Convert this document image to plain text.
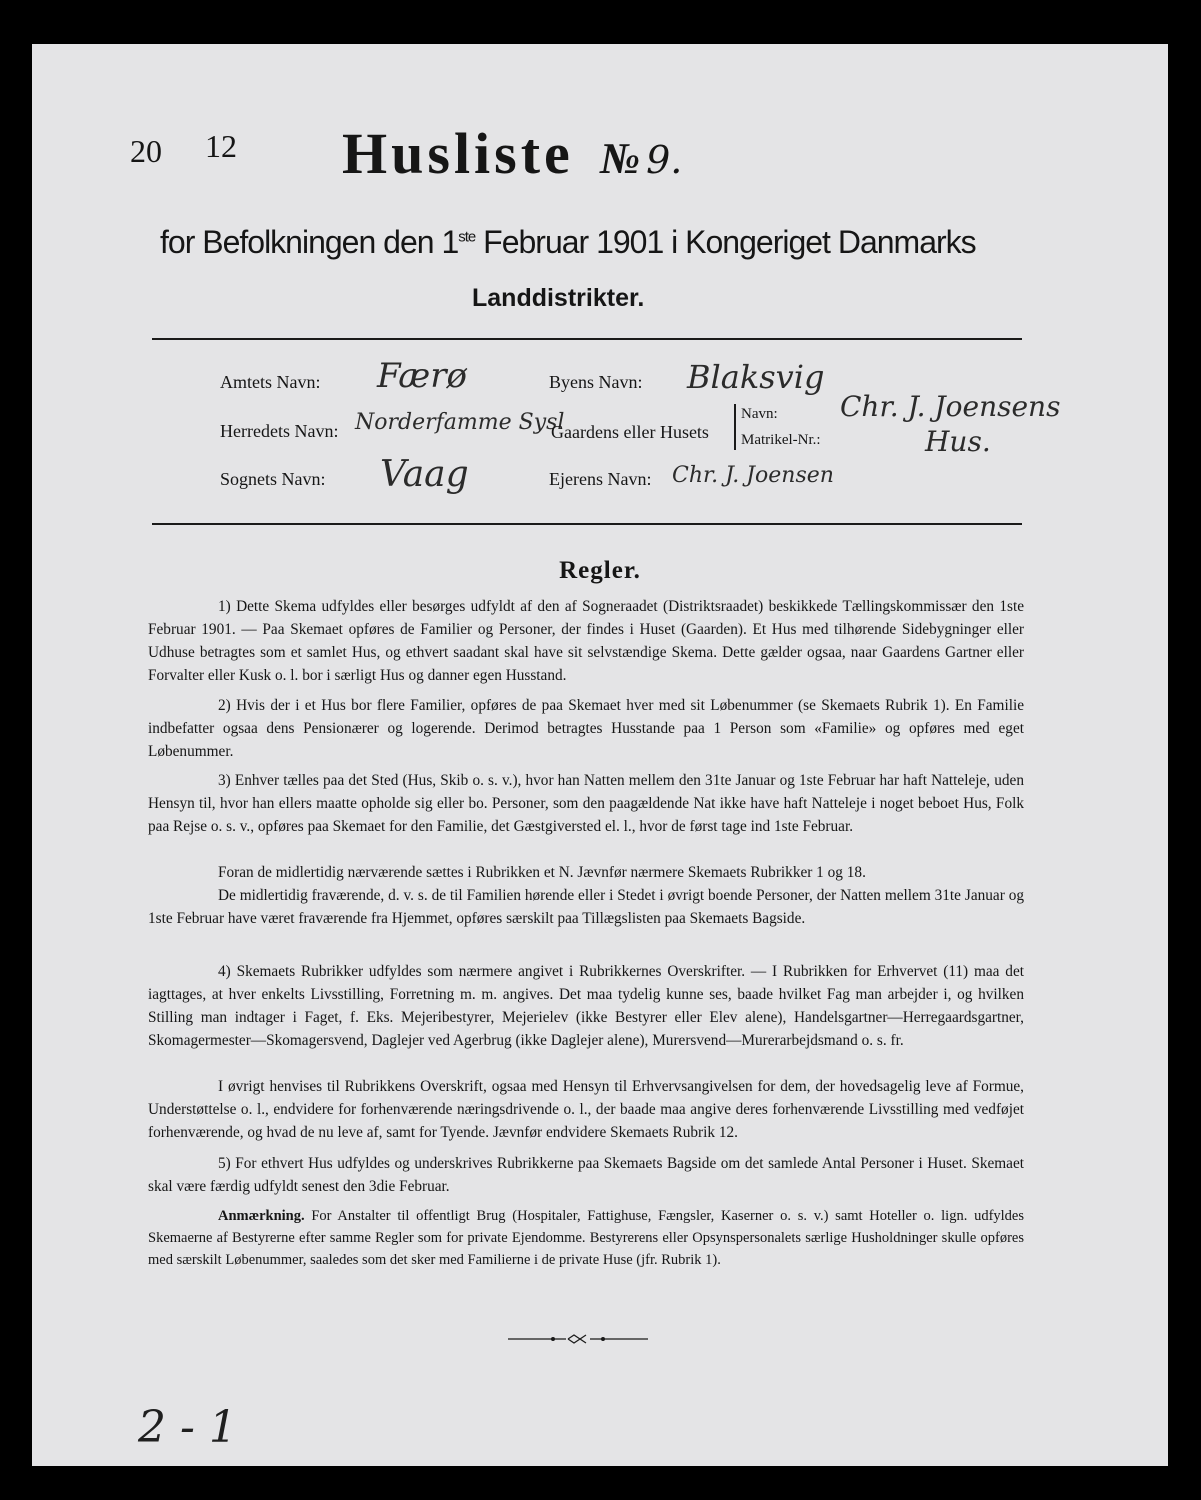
20 12 Husliste № 9.
for Befolkningen den 1ste Februar 1901 i Kongeriget Danmarks
Landdistrikter.
Amtets Navn: Færø	Byens Navn: Blaksvig
Herredets Navn: Norderfamme Sysl
Gaardens eller Husets
Navn:
Matrikel-Nr.:
Chr. J. Joensens
Hus.
Sognets Navn: Vaag	Ejerens Navn: Chr. J. Joensen
Regler.

1) Dette Skema udfyldes eller besørges udfyldt af den af Sogneraadet (Distriktsraadet) beskikkede Tællingskommissær den 1ste Februar 1901. — Paa Skemaet opføres de Familier og Personer, der findes i Huset (Gaarden). Et Hus med tilhørende Sidebygninger eller Udhuse betragtes som et samlet Hus, og ethvert saadant skal have sit selvstændige Skema. Dette gælder ogsaa, naar Gaardens Gartner eller Forvalter eller Kusk o. l. bor i særligt Hus og danner egen Husstand.

2) Hvis der i et Hus bor flere Familier, opføres de paa Skemaet hver med sit Løbenummer (se Skemaets Rubrik 1). En Familie indbefatter ogsaa dens Pensionærer og logerende. Derimod betragtes Husstande paa 1 Person som «Familie» og opføres med eget Løbenummer.

3) Enhver tælles paa det Sted (Hus, Skib o. s. v.), hvor han Natten mellem den 31te Januar og 1ste Februar har haft Natteleje, uden Hensyn til, hvor han ellers maatte opholde sig eller bo. Personer, som den paagældende Nat ikke have haft Natteleje i noget beboet Hus, Folk paa Rejse o. s. v., opføres paa Skemaet for den Familie, det Gæstgiversted el. l., hvor de først tage ind 1ste Februar.

Foran de midlertidig nærværende sættes i Rubrikken et N. Jævnfør nærmere Skemaets Rubrikker 1 og 18.

De midlertidig fraværende, d. v. s. de til Familien hørende eller i Stedet i øvrigt boende Personer, der Natten mellem 31te Januar og 1ste Februar have været fraværende fra Hjemmet, opføres særskilt paa Tillægslisten paa Skemaets Bagside.

4) Skemaets Rubrikker udfyldes som nærmere angivet i Rubrikkernes Overskrifter. — I Rubrikken for Erhvervet (11) maa det iagttages, at hver enkelts Livsstilling, Forretning m. m. angives. Det maa tydelig kunne ses, baade hvilket Fag man arbejder i, og hvilken Stilling man indtager i Faget, f. Eks. Mejeribestyrer, Mejerielev (ikke Bestyrer eller Elev alene), Handelsgartner—Herregaardsgartner, Skomagermester—Skomagersvend, Daglejer ved Agerbrug (ikke Daglejer alene), Murersvend—Murerarbejdsmand o. s. fr.

I øvrigt henvises til Rubrikkens Overskrift, ogsaa med Hensyn til Erhvervsangivelsen for dem, der hovedsagelig leve af Formue, Understøttelse o. l., endvidere for forhenværende næringsdrivende o. l., der baade maa angive deres forhenværende Livsstilling med vedføjet forhenværende, og hvad de nu leve af, samt for Tyende. Jævnfør endvidere Skemaets Rubrik 12.

5) For ethvert Hus udfyldes og underskrives Rubrikkerne paa Skemaets Bagside om det samlede Antal Personer i Huset. Skemaet skal være færdig udfyldt senest den 3die Februar.

Anmærkning. For Anstalter til offentligt Brug (Hospitaler, Fattighuse, Fængsler, Kaserner o. s. v.) samt Hoteller o. lign. udfyldes Skemaerne af Bestyrerne efter samme Regler som for private Ejendomme. Bestyrerens eller Opsynspersonalets særlige Husholdninger skulle opføres med særskilt Løbenummer, saaledes som det sker med Familierne i de private Huse (jfr. Rubrik 1).

2 - 1
